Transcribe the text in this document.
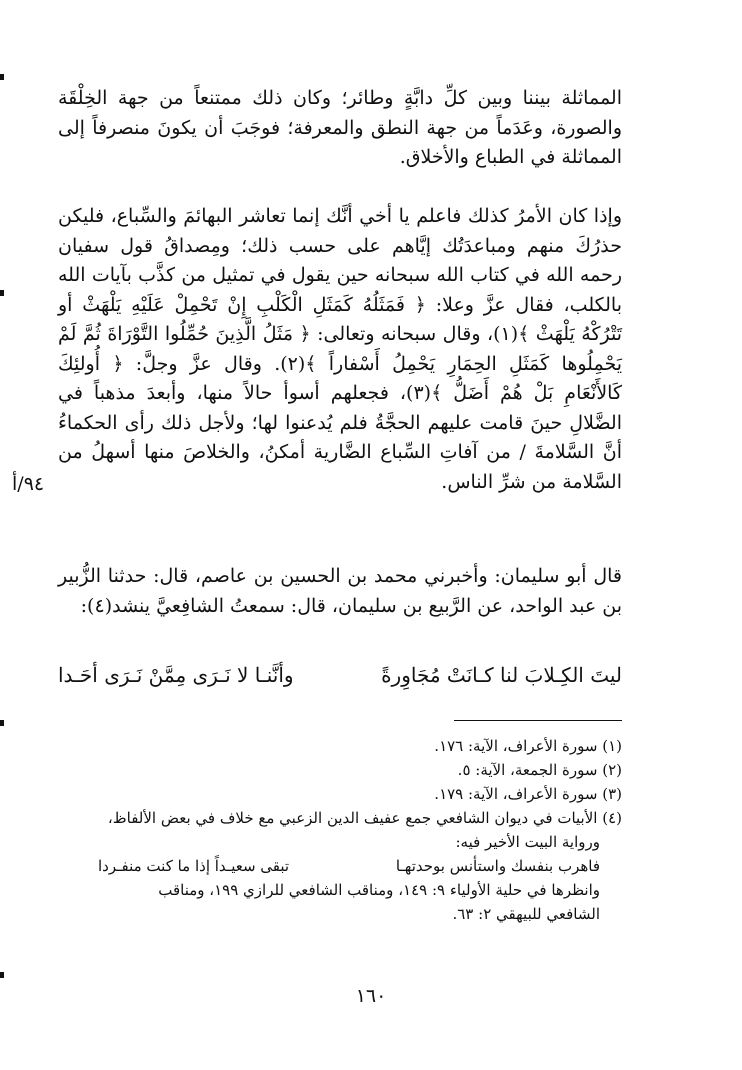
المماثلة بيننا وبين كلِّ دابَّةٍ وطائر؛ وكان ذلك ممتنعاً من جهة الخِلْقَة والصورة، وعَدَماً من جهة النطق والمعرفة؛ فوجَبَ أن يكونَ منصرفاً إلى المماثلة في الطباع والأخلاق.

وإذا كان الأمرُ كذلك فاعلم يا أخي أنَّك إنما تعاشر البهائمَ والسِّباع، فليكن حذرُكَ منهم ومباعدَتُك إيَّاهم على حسب ذلك؛ ومِصداقُ قول سفيان رحمه الله في كتاب الله سبحانه حين يقول في تمثيل من كذَّب بآيات الله بالكلب، فقال عزَّ وعلا: ﴿ فَمَثَلُهُ كَمَثَلِ الْكَلْبِ إِنْ تَحْمِلْ عَلَيْهِ يَلْهَثْ أو تَتْرُكْهُ يَلْهَثْ ﴾(١)، وقال سبحانه وتعالى: ﴿ مَثَلُ الَّذِينَ حُمِّلُوا التَّوْرَاةَ ثُمَّ لَمْ يَحْمِلُوها كَمَثَلِ الحِمَارِ يَحْمِلُ أَسْفاراً ﴾(٢). وقال عزَّ وجلَّ: ﴿ أُولئِكَ كَالأَنْعَامِ بَلْ هُمْ أَضَلُّ ﴾(٣)، فجعلهم أسوأ حالاً منها، وأبعدَ مذهباً في الضَّلالِ حينَ قامت عليهم الحجَّةُ فلم يُدعنوا لها؛ ولأجل ذلك رأى الحكماءُ أنَّ السَّلامةَ / من آفاتِ السِّباع الضَّارية أمكنُ، والخلاصَ منها أسهلُ من السَّلامة من شرِّ الناس.

٩٤/أ

قال أبو سليمان: وأخبرني محمد بن الحسين بن عاصم، قال: حدثنا الزُّبير بن عبد الواحد، عن الرَّبيع بن سليمان، قال: سمعتُ الشافِعيَّ ينشد(٤):

ليتَ الكِـلابَ لنا كـانَتْ مُجَاوِرةً
وأنَّنـا لا نَـرَى مِمَّنْ نَـرَى أحَـدا

(١) سورة الأعراف، الآية: ١٧٦.

(٢) سورة الجمعة، الآية: ٥.

(٣) سورة الأعراف، الآية: ١٧٩.

(٤) الأبيات في ديوان الشافعي جمع عفيف الدين الزعبي مع خلاف في بعض الألفاظ،

ورواية البيت الأخير فيه:

فاهرب بنفسك واستأنس بوحدتهـا
تبقى سعيـداً إذا ما كنت منفـردا

وانظرها في حلية الأولياء ٩: ١٤٩، ومناقب الشافعي للرازي ١٩٩، ومناقب

الشافعي للبيهقي ٢: ٦٣.

١٦٠
